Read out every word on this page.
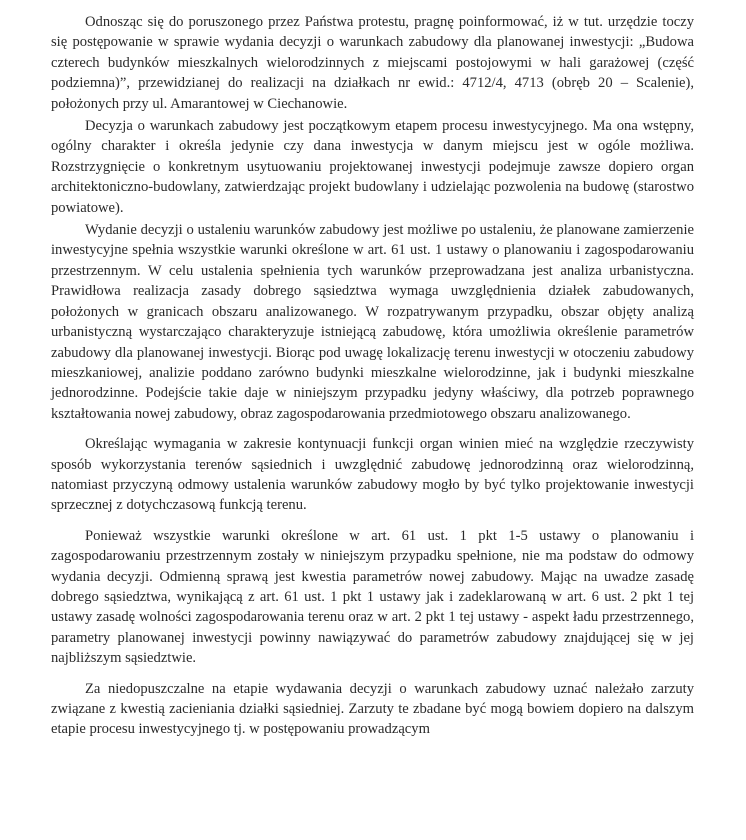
Odnosząc się do poruszonego przez Państwa protestu, pragnę poinformować, iż w tut. urzędzie toczy się postępowanie w sprawie wydania decyzji o warunkach zabudowy dla planowanej inwestycji: „Budowa czterech budynków mieszkalnych wielorodzinnych z miejscami postojowymi w hali garażowej (część podziemna)”, przewidzianej do realizacji na działkach nr ewid.: 4712/4, 4713 (obręb 20 – Scalenie), położonych przy ul. Amarantowej w Ciechanowie.

Decyzja o warunkach zabudowy jest początkowym etapem procesu inwestycyjnego. Ma ona wstępny, ogólny charakter i określa jedynie czy dana inwestycja w danym miejscu jest w ogóle możliwa. Rozstrzygnięcie o konkretnym usytuowaniu projektowanej inwestycji podejmuje zawsze dopiero organ architektoniczno-budowlany, zatwierdzając projekt budowlany i udzielając pozwolenia na budowę (starostwo powiatowe).

Wydanie decyzji o ustaleniu warunków zabudowy jest możliwe po ustaleniu, że planowane zamierzenie inwestycyjne spełnia wszystkie warunki określone w art. 61 ust. 1 ustawy o planowaniu i zagospodarowaniu przestrzennym. W celu ustalenia spełnienia tych warunków przeprowadzana jest analiza urbanistyczna. Prawidłowa realizacja zasady dobrego sąsiedztwa wymaga uwzględnienia działek zabudowanych, położonych w granicach obszaru analizowanego. W rozpatrywanym przypadku, obszar objęty analizą urbanistyczną wystarczająco charakteryzuje istniejącą zabudowę, która umożliwia określenie parametrów zabudowy dla planowanej inwestycji. Biorąc pod uwagę lokalizację terenu inwestycji w otoczeniu zabudowy mieszkaniowej, analizie poddano zarówno budynki mieszkalne wielorodzinne, jak i budynki mieszkalne jednorodzinne. Podejście takie daje w niniejszym przypadku jedyny właściwy, dla potrzeb poprawnego kształtowania nowej zabudowy, obraz zagospodarowania przedmiotowego obszaru analizowanego.

Określając wymagania w zakresie kontynuacji funkcji organ winien mieć na względzie rzeczywisty sposób wykorzystania terenów sąsiednich i uwzględnić zabudowę jednorodzinną oraz wielorodzinną, natomiast przyczyną odmowy ustalenia warunków zabudowy mogło by być tylko projektowanie inwestycji sprzecznej z dotychczasową funkcją terenu.

Ponieważ wszystkie warunki określone w art. 61 ust. 1 pkt 1-5 ustawy o planowaniu i zagospodarowaniu przestrzennym zostały w niniejszym przypadku spełnione, nie ma podstaw do odmowy wydania decyzji. Odmienną sprawą jest kwestia parametrów nowej zabudowy. Mając na uwadze zasadę dobrego sąsiedztwa, wynikającą z art. 61 ust. 1 pkt 1 ustawy jak i zadeklarowaną w art. 6 ust. 2 pkt 1 tej ustawy zasadę wolności zagospodarowania terenu oraz w art. 2 pkt 1 tej ustawy - aspekt ładu przestrzennego, parametry planowanej inwestycji powinny nawiązywać do parametrów zabudowy znajdującej się w jej najbliższym sąsiedztwie.

Za niedopuszczalne na etapie wydawania decyzji o warunkach zabudowy uznać należało zarzuty związane z kwestią zacieniania działki sąsiedniej. Zarzuty te zbadane być mogą bowiem dopiero na dalszym etapie procesu inwestycyjnego tj. w postępowaniu prowadzącym
